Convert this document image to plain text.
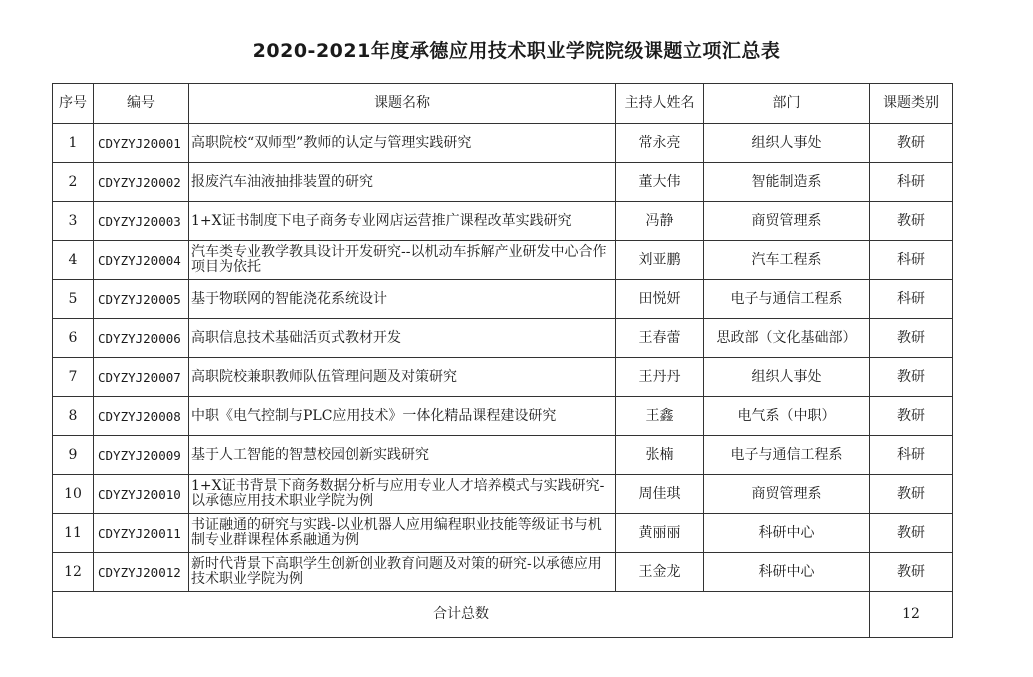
2020-2021年度承德应用技术职业学院院级课题立项汇总表
序号	编号	课题名称	主持人姓名	部门	课题类别
1	CDYZYJ20001	高职院校“双师型”教师的认定与管理实践研究	常永亮	组织人事处	教研
2	CDYZYJ20002	报废汽车油液抽排装置的研究	董大伟	智能制造系	科研
3	CDYZYJ20003	1+X证书制度下电子商务专业网店运营推广课程改革实践研究	冯静	商贸管理系	教研
4	CDYZYJ20004	汽车类专业教学教具设计开发研究--以机动车拆解产业研发中心合作项目为依托	刘亚鹏	汽车工程系	科研
5	CDYZYJ20005	基于物联网的智能浇花系统设计	田悦妍	电子与通信工程系	科研
6	CDYZYJ20006	高职信息技术基础活页式教材开发	王春蕾	思政部（文化基础部）	教研
7	CDYZYJ20007	高职院校兼职教师队伍管理问题及对策研究	王丹丹	组织人事处	教研
8	CDYZYJ20008	中职《电气控制与PLC应用技术》一体化精品课程建设研究	王鑫	电气系（中职）	教研
9	CDYZYJ20009	基于人工智能的智慧校园创新实践研究	张楠	电子与通信工程系	科研
10	CDYZYJ20010	1+X证书背景下商务数据分析与应用专业人才培养模式与实践研究-以承德应用技术职业学院为例	周佳琪	商贸管理系	教研
11	CDYZYJ20011	书证融通的研究与实践-以业机器人应用编程职业技能等级证书与机制专业群课程体系融通为例	黄丽丽	科研中心	教研
12	CDYZYJ20012	新时代背景下高职学生创新创业教育问题及对策的研究-以承德应用技术职业学院为例	王金龙	科研中心	教研
合计总数					12
